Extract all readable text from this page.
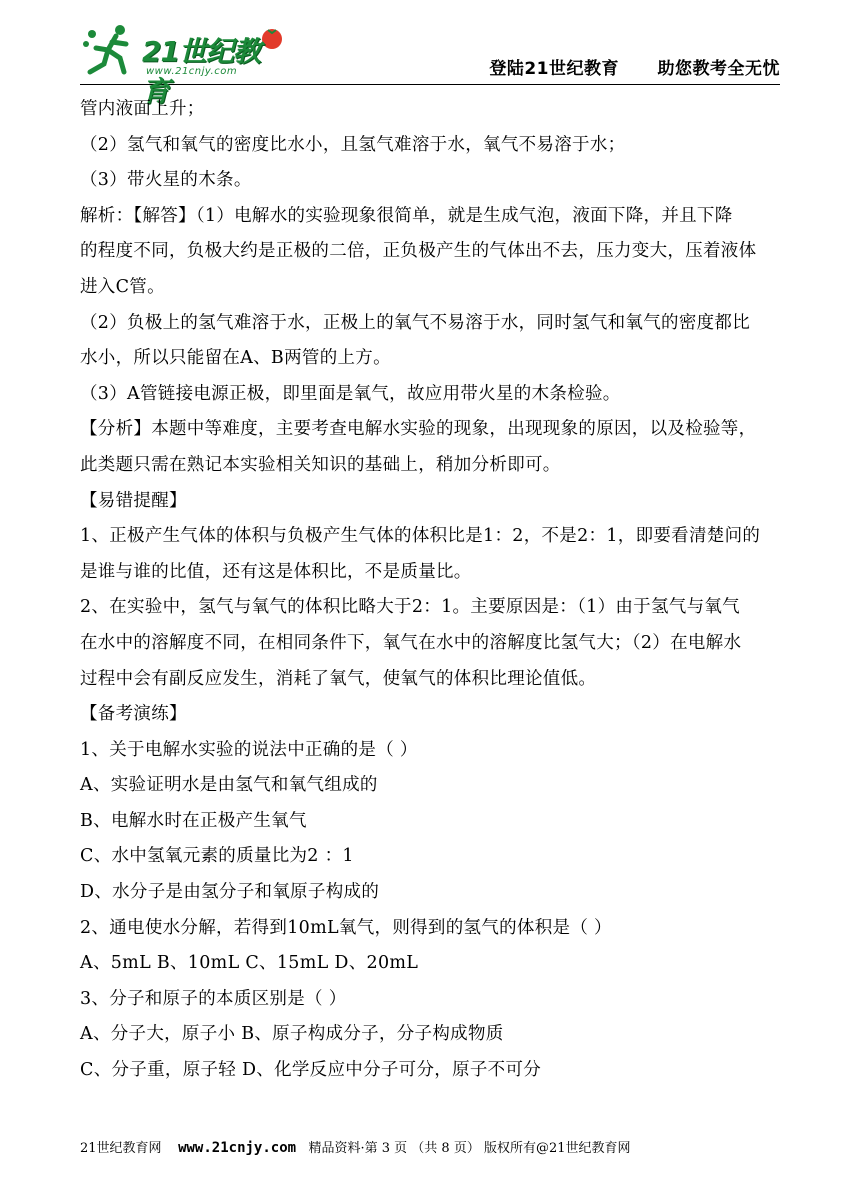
21世纪教育
www.21cnjy.com	登陆21世纪教育      助您教考全无忧
管内液面上升；
（2）氢气和氧气的密度比水小，且氢气难溶于水，氧气不易溶于水；
（3）带火星的木条。
解析：【解答】（1）电解水的实验现象很简单，就是生成气泡，液面下降，并且下降
的程度不同，负极大约是正极的二倍，正负极产生的气体出不去，压力变大，压着液体
进入C管。
（2）负极上的氢气难溶于水，正极上的氧气不易溶于水，同时氢气和氧气的密度都比
水小，所以只能留在A、B两管的上方。
（3）A管链接电源正极，即里面是氧气，故应用带火星的木条检验。
【分析】本题中等难度，主要考查电解水实验的现象，出现现象的原因，以及检验等，
此类题只需在熟记本实验相关知识的基础上，稍加分析即可。
【易错提醒】
1、正极产生气体的体积与负极产生气体的体积比是1：2，不是2：1，即要看清楚问的
是谁与谁的比值，还有这是体积比，不是质量比。
2、在实验中，氢气与氧气的体积比略大于2：1。主要原因是：（1）由于氢气与氧气
在水中的溶解度不同，在相同条件下，氧气在水中的溶解度比氢气大；（2）在电解水
过程中会有副反应发生，消耗了氧气，使氧气的体积比理论值低。
【备考演练】
1、关于电解水实验的说法中正确的是（ ）
A、实验证明水是由氢气和氧气组成的
B、电解水时在正极产生氧气
C、水中氢氧元素的质量比为2 ：1
D、水分子是由氢分子和氧原子构成的
2、通电使水分解，若得到10mL氧气，则得到的氢气的体积是（ ）
A、5mL B、10mL C、15mL D、20mL
3、分子和原子的本质区别是（ ）
A、分子大，原子小 B、原子构成分子，分子构成物质
C、分子重，原子轻 D、化学反应中分子可分，原子不可分
21世纪教育网    www.21cnjy.com   精品资料·第 3 页 （共 8 页） 版权所有@21世纪教育网
